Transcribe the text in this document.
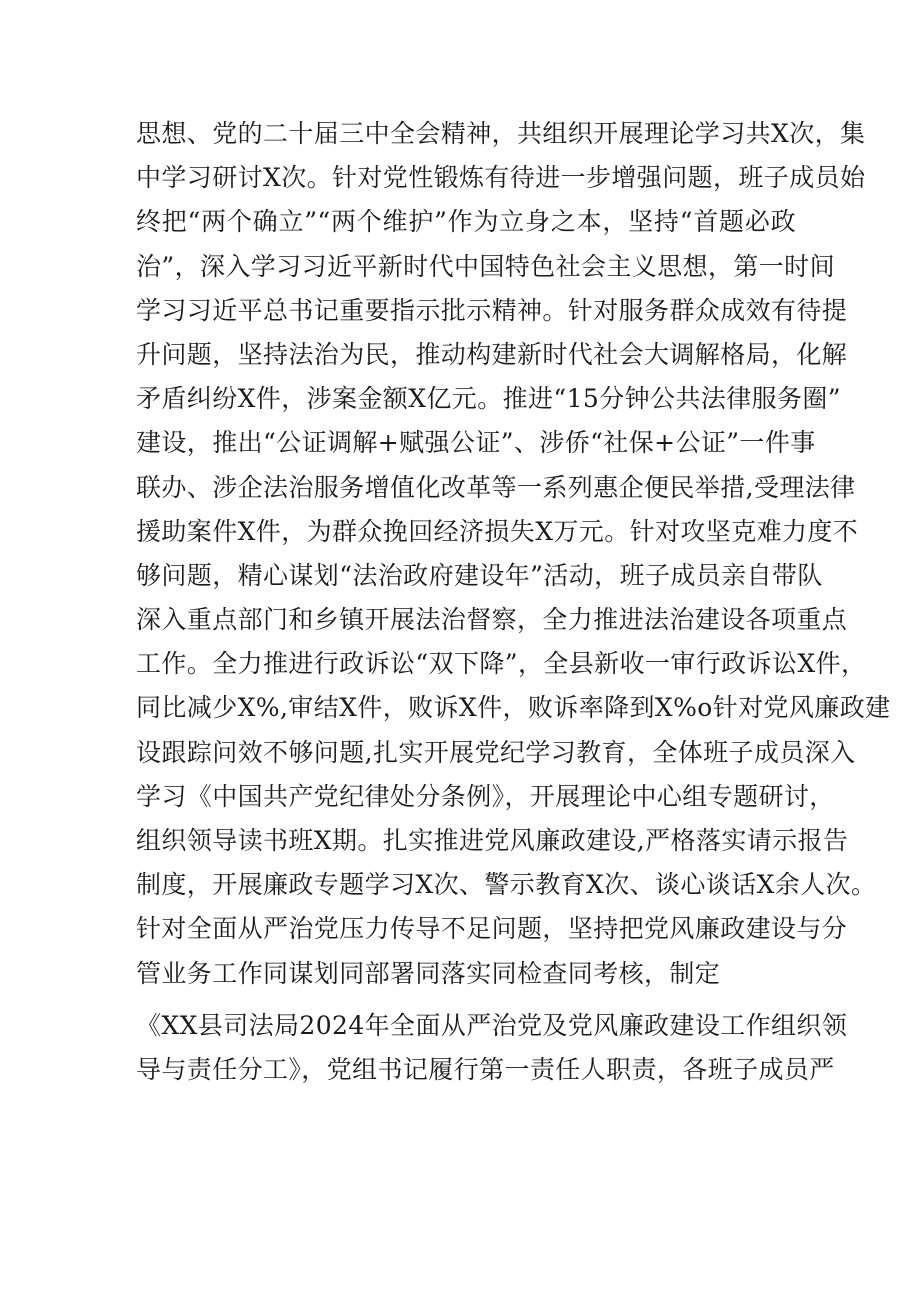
思想、党的二十届三中全会精神，共组织开展理论学习共X次，集
中学习研讨X次。针对党性锻炼有待进一步增强问题，班子成员始
终把“两个确立”“两个维护”作为立身之本，坚持“首题必政
治”，深入学习习近平新时代中国特色社会主义思想，第一时间
学习习近平总书记重要指示批示精神。针对服务群众成效有待提
升问题，坚持法治为民，推动构建新时代社会大调解格局，化解
矛盾纠纷X件，涉案金额X亿元。推进“15分钟公共法律服务圈”
建设，推出“公证调解+赋强公证”、涉侨“社保+公证”一件事
联办、涉企法治服务增值化改革等一系列惠企便民举措,受理法律
援助案件X件，为群众挽回经济损失X万元。针对攻坚克难力度不
够问题，精心谋划“法治政府建设年”活动，班子成员亲自带队
深入重点部门和乡镇开展法治督察，全力推进法治建设各项重点
工作。全力推进行政诉讼“双下降”，全县新收一审行政诉讼X件，
同比减少X%,审结X件，败诉X件，败诉率降到X%o针对党风廉政建
设跟踪问效不够问题,扎实开展党纪学习教育，全体班子成员深入
学习《中国共产党纪律处分条例》，开展理论中心组专题研讨，
组织领导读书班X期。扎实推进党风廉政建设,严格落实请示报告
制度，开展廉政专题学习X次、警示教育X次、谈心谈话X余人次。
针对全面从严治党压力传导不足问题，坚持把党风廉政建设与分
管业务工作同谋划同部署同落实同检查同考核，制定
《XX县司法局2024年全面从严治党及党风廉政建设工作组织领
导与责任分工》，党组书记履行第一责任人职责，各班子成员严
